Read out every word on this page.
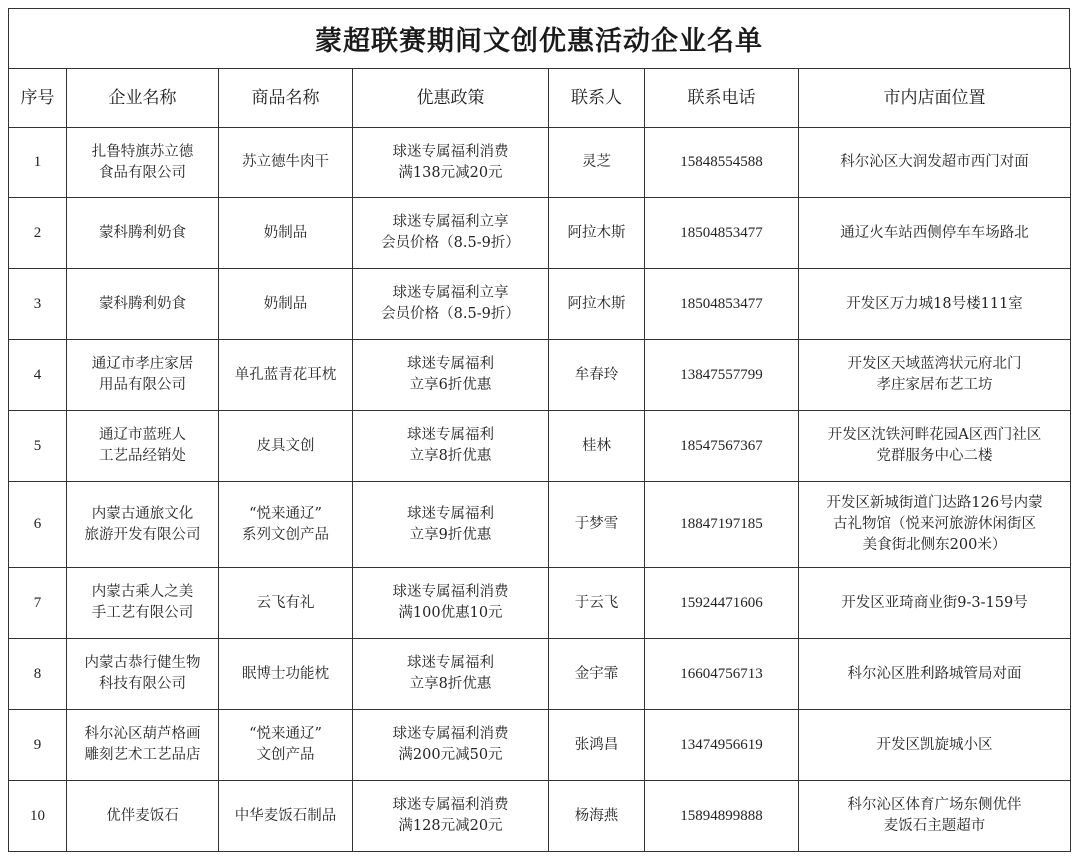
蒙超联赛期间文创优惠活动企业名单
序号	企业名称	商品名称	优惠政策	联系人	联系电话	市内店面位置
1	扎鲁特旗苏立德
食品有限公司	苏立德牛肉干	球迷专属福利消费
满138元减20元	灵芝	15848554588	科尔沁区大润发超市西门对面
2	蒙科腾利奶食	奶制品	球迷专属福利立享
会员价格（8.5-9折）	阿拉木斯	18504853477	通辽火车站西侧停车车场路北
3	蒙科腾利奶食	奶制品	球迷专属福利立享
会员价格（8.5-9折）	阿拉木斯	18504853477	开发区万力城18号楼111室
4	通辽市孝庄家居
用品有限公司	单孔蓝青花耳枕	球迷专属福利
立享6折优惠	牟春玲	13847557799	开发区天域蓝湾状元府北门
孝庄家居布艺工坊
5	通辽市蓝班人
工艺品经销处	皮具文创	球迷专属福利
立享8折优惠	桂林	18547567367	开发区沈铁河畔花园A区西门社区
党群服务中心二楼
6	内蒙古通旅文化
旅游开发有限公司	“悦来通辽”
系列文创产品	球迷专属福利
立享9折优惠	于梦雪	18847197185	开发区新城街道门达路126号内蒙
古礼物馆（悦来河旅游休闲街区
美食街北侧东200米）
7	内蒙古乘人之美
手工艺有限公司	云飞有礼	球迷专属福利消费
满100优惠10元	于云飞	15924471606	开发区亚琦商业街9-3-159号
8	内蒙古恭行健生物
科技有限公司	眠博士功能枕	球迷专属福利
立享8折优惠	金宇霏	16604756713	科尔沁区胜利路城管局对面
9	科尔沁区葫芦格画
雕刻艺术工艺品店	“悦来通辽”
文创产品	球迷专属福利消费
满200元减50元	张鸿昌	13474956619	开发区凯旋城小区
10	优伴麦饭石	中华麦饭石制品	球迷专属福利消费
满128元减20元	杨海燕	15894899888	科尔沁区体育广场东侧优伴
麦饭石主题超市
